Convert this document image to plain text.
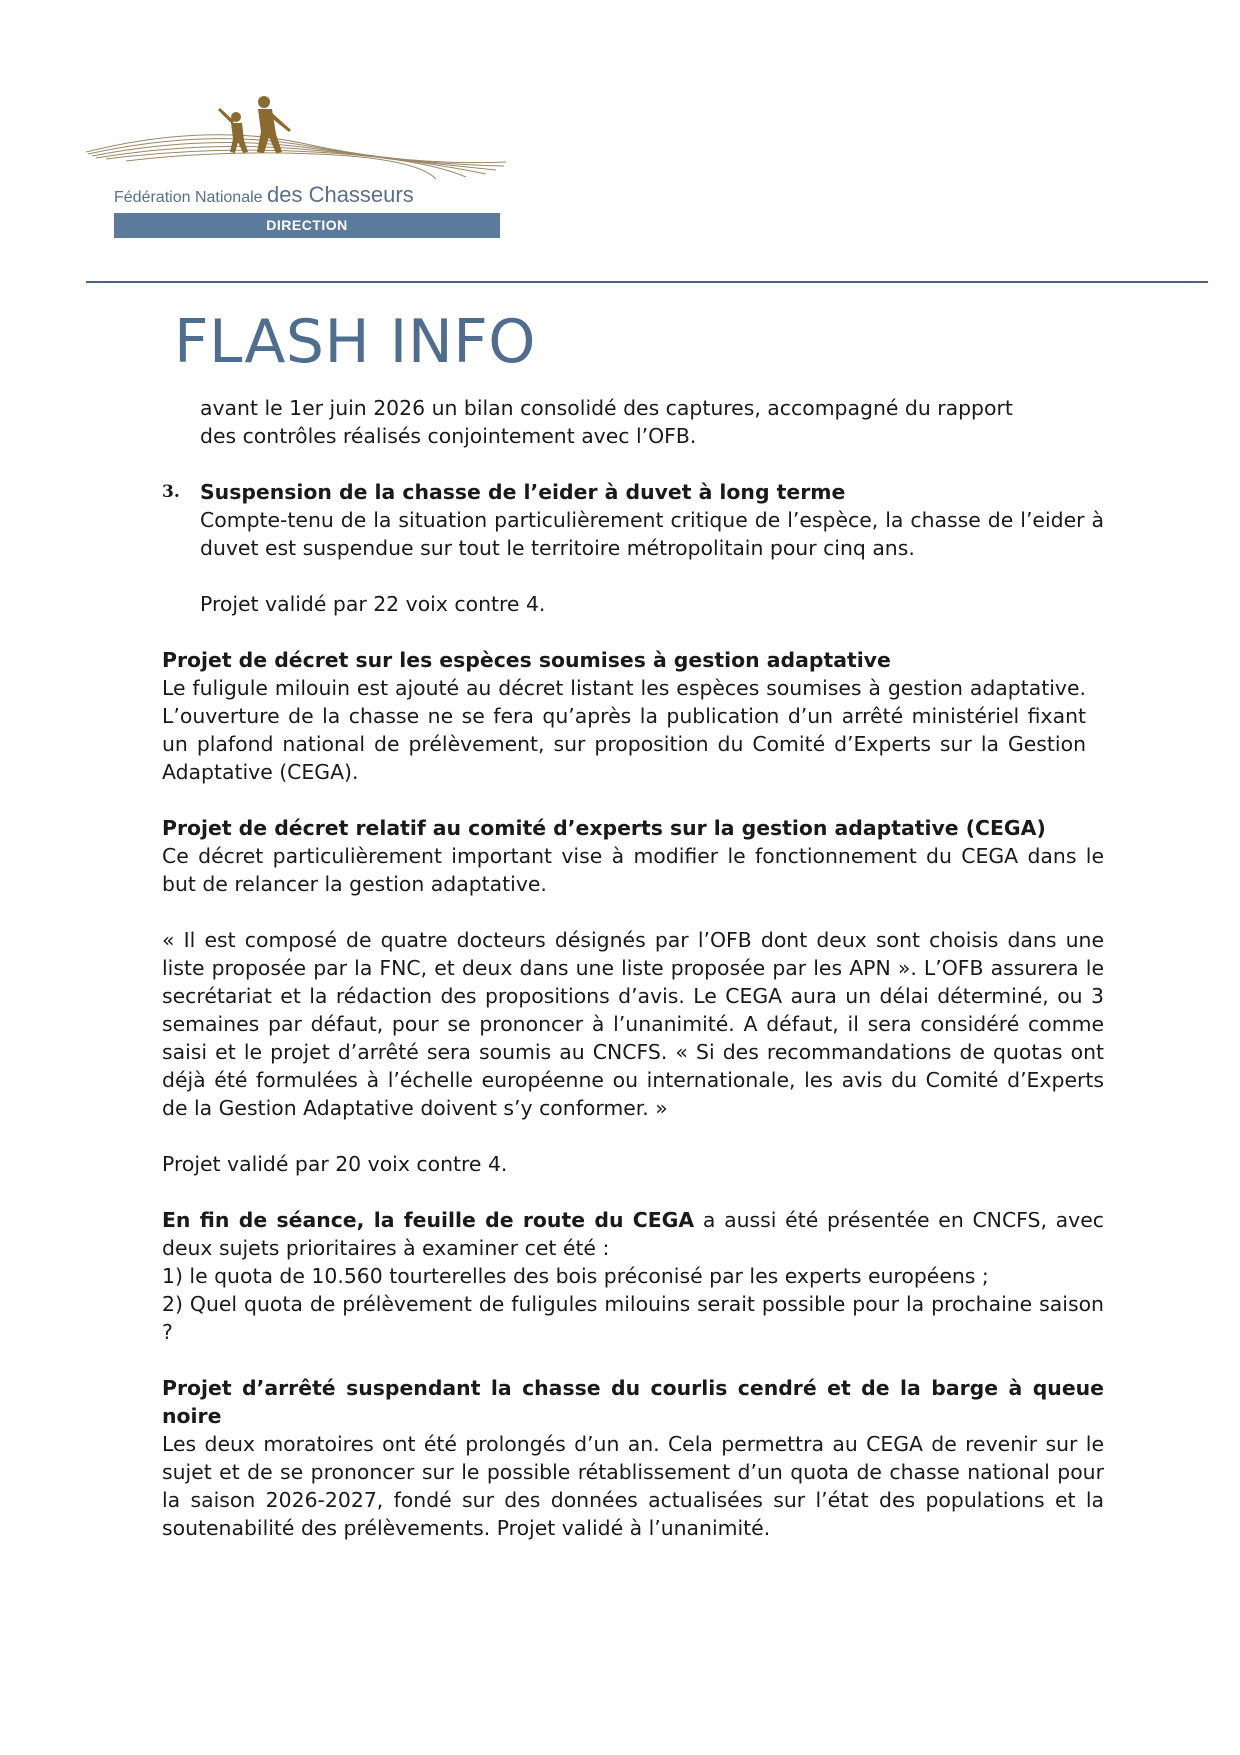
Fédération Nationale des Chasseurs
DIRECTION
FLASH INFO

avant le 1er juin 2026 un bilan consolidé des captures, accompagné du rapport
des contrôles réalisés conjointement avec l’OFB.

3. Suspension de la chasse de l’eider à duvet à long terme

Compte-tenu de la situation particulièrement critique de l’espèce, la chasse de l’eider à duvet est suspendue sur tout le territoire métropolitain pour cinq ans.

Projet validé par 22 voix contre 4.

Projet de décret sur les espèces soumises à gestion adaptative

Le fuligule milouin est ajouté au décret listant les espèces soumises à gestion adaptative. L’ouverture de la chasse ne se fera qu’après la publication d’un arrêté ministériel fixant un plafond national de prélèvement, sur proposition du Comité d’Experts sur la Gestion Adaptative (CEGA).

Projet de décret relatif au comité d’experts sur la gestion adaptative (CEGA)

Ce décret particulièrement important vise à modifier le fonctionnement du CEGA dans le but de relancer la gestion adaptative.

« Il est composé de quatre docteurs désignés par l’OFB dont deux sont choisis dans une liste proposée par la FNC, et deux dans une liste proposée par les APN ». L’OFB assurera le secrétariat et la rédaction des propositions d’avis. Le CEGA aura un délai déterminé, ou 3 semaines par défaut, pour se prononcer à l’unanimité. A défaut, il sera considéré comme saisi et le projet d’arrêté sera soumis au CNCFS. « Si des recommandations de quotas ont déjà été formulées à l’échelle européenne ou internationale, les avis du Comité d’Experts de la Gestion Adaptative doivent s’y conformer. »

Projet validé par 20 voix contre 4.

En fin de séance, la feuille de route du CEGA a aussi été présentée en CNCFS, avec deux sujets prioritaires à examiner cet été :

1) le quota de 10.560 tourterelles des bois préconisé par les experts européens ;

2) Quel quota de prélèvement de fuligules milouins serait possible pour la prochaine saison ?

Projet d’arrêté suspendant la chasse du courlis cendré et de la barge à queue noire

Les deux moratoires ont été prolongés d’un an. Cela permettra au CEGA de revenir sur le sujet et de se prononcer sur le possible rétablissement d’un quota de chasse national pour la saison 2026-2027, fondé sur des données actualisées sur l’état des populations et la soutenabilité des prélèvements. Projet validé à l’unanimité.
